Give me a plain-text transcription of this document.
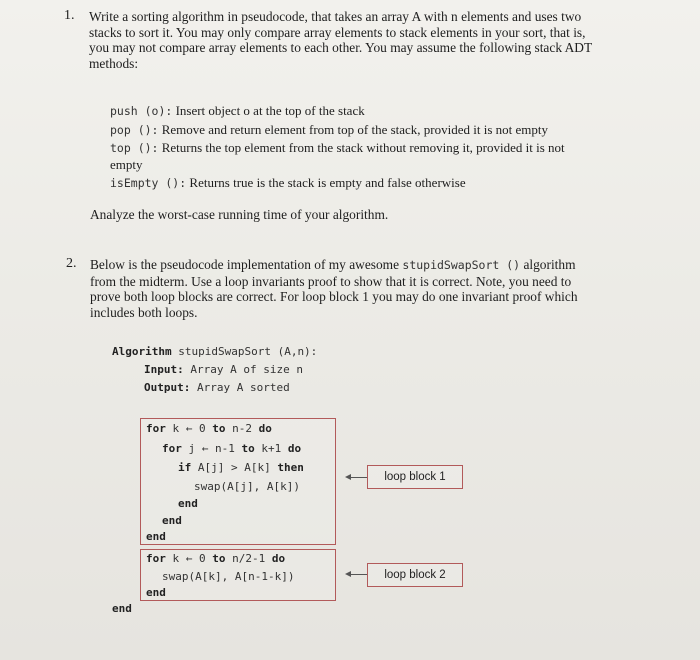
1. Write a sorting algorithm in pseudocode, that takes an array A with n elements and uses two
stacks to sort it. You may only compare array elements to stack elements in your sort, that is,
you may not compare array elements to each other. You may assume the following stack ADT
methods:
push (o): Insert object o at the top of the stack
pop (): Remove and return element from top of the stack, provided it is not empty
top (): Returns the top element from the stack without removing it, provided it is not
empty
isEmpty (): Returns true is the stack is empty and false otherwise
Analyze the worst-case running time of your algorithm.
2. Below is the pseudocode implementation of my awesome stupidSwapSort () algorithm
from the midterm. Use a loop invariants proof to show that it is correct. Note, you need to
prove both loop blocks are correct. For loop block 1 you may do one invariant proof which
includes both loops.
Algorithm stupidSwapSort (A,n):
Input: Array A of size n
Output: Array A sorted
for k ← 0 to n-2 do
for j ← n-1 to k+1 do
if A[j] > A[k] then
swap(A[j], A[k])
end
end
end
for k ← 0 to n/2-1 do
swap(A[k], A[n-1-k])
end
end
loop block 1
loop block 2
